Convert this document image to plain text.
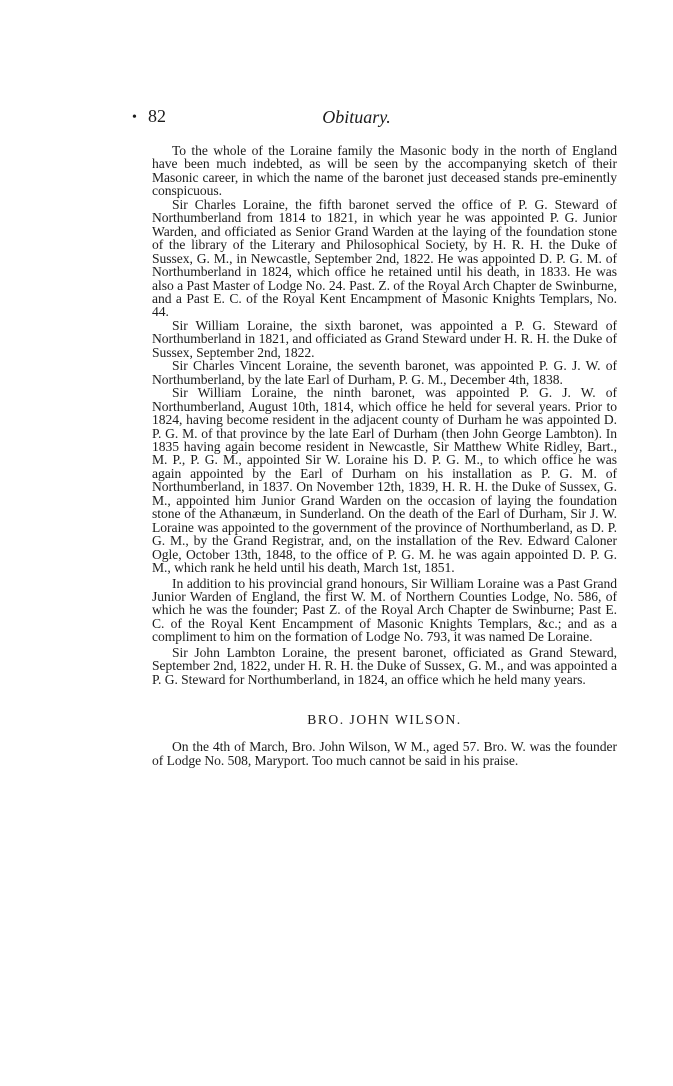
• 82	Obituary.

To the whole of the Loraine family the Masonic body in the north of England have been much indebted, as will be seen by the accompanying sketch of their Masonic career, in which the name of the baronet just deceased stands pre-eminently conspicuous.

Sir Charles Loraine, the fifth baronet served the office of P. G. Steward of Northumberland from 1814 to 1821, in which year he was appointed P. G. Junior Warden, and officiated as Senior Grand Warden at the laying of the foundation stone of the library of the Literary and Philosophical Society, by H. R. H. the Duke of Sussex, G. M., in Newcastle, September 2nd, 1822. He was appointed D. P. G. M. of Northumberland in 1824, which office he retained until his death, in 1833. He was also a Past Master of Lodge No. 24. Past. Z. of the Royal Arch Chapter de Swinburne, and a Past E. C. of the Royal Kent Encampment of Masonic Knights Templars, No. 44.

Sir William Loraine, the sixth baronet, was appointed a P. G. Steward of Northumberland in 1821, and officiated as Grand Steward under H. R. H. the Duke of Sussex, September 2nd, 1822.

Sir Charles Vincent Loraine, the seventh baronet, was appointed P. G. J. W. of Northumberland, by the late Earl of Durham, P. G. M., December 4th, 1838.

Sir William Loraine, the ninth baronet, was appointed P. G. J. W. of Northumberland, August 10th, 1814, which office he held for several years. Prior to 1824, having become resident in the adjacent county of Durham he was appointed D. P. G. M. of that province by the late Earl of Durham (then John George Lambton). In 1835 having again become resident in Newcastle, Sir Matthew White Ridley, Bart., M. P., P. G. M., appointed Sir W. Loraine his D. P. G. M., to which office he was again appointed by the Earl of Durham on his installation as P. G. M. of Northumberland, in 1837. On November 12th, 1839, H. R. H. the Duke of Sussex, G. M., appointed him Junior Grand Warden on the occasion of laying the foundation stone of the Athanæum, in Sunderland. On the death of the Earl of Durham, Sir J. W. Loraine was appointed to the government of the province of Northumberland, as D. P. G. M., by the Grand Registrar, and, on the installation of the Rev. Edward Caloner Ogle, October 13th, 1848, to the office of P. G. M. he was again appointed D. P. G. M., which rank he held until his death, March 1st, 1851.

In addition to his provincial grand honours, Sir William Loraine was a Past Grand Junior Warden of England, the first W. M. of Northern Counties Lodge, No. 586, of which he was the founder; Past Z. of the Royal Arch Chapter de Swinburne; Past E. C. of the Royal Kent Encampment of Masonic Knights Templars, &c.; and as a compliment to him on the formation of Lodge No. 793, it was named De Loraine.

Sir John Lambton Loraine, the present baronet, officiated as Grand Steward, September 2nd, 1822, under H. R. H. the Duke of Sussex, G. M., and was appointed a P. G. Steward for Northumberland, in 1824, an office which he held many years.

BRO. JOHN WILSON.

On the 4th of March, Bro. John Wilson, W M., aged 57. Bro. W. was the founder of Lodge No. 508, Maryport. Too much cannot be said in his praise.
